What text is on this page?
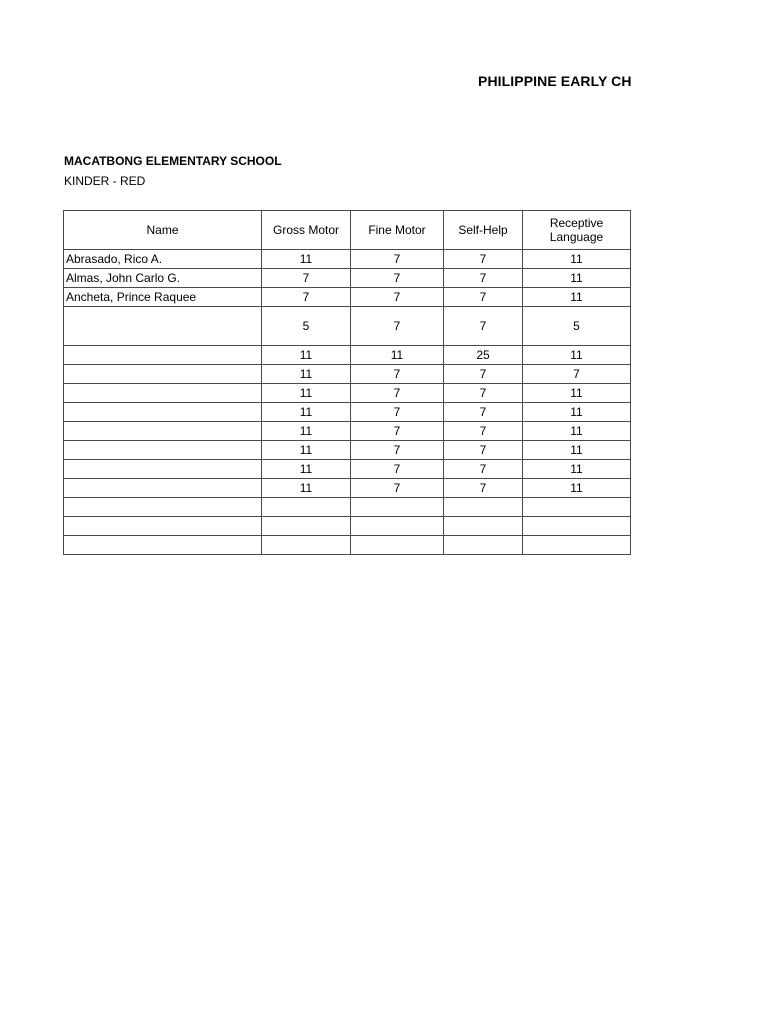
PHILIPPINE EARLY CH
MACATBONG ELEMENTARY SCHOOL
KINDER - RED
Name	Gross Motor	Fine Motor	Self-Help	Receptive Language
Abrasado, Rico A.	11	7	7	11
Almas, John Carlo G.	7	7	7	11
Ancheta, Prince Raquee	7	7	7	11
	5	7	7	5
	11	11	25	11
	11	7	7	7
	11	7	7	11
	11	7	7	11
	11	7	7	11
	11	7	7	11
	11	7	7	11
	11	7	7	11
